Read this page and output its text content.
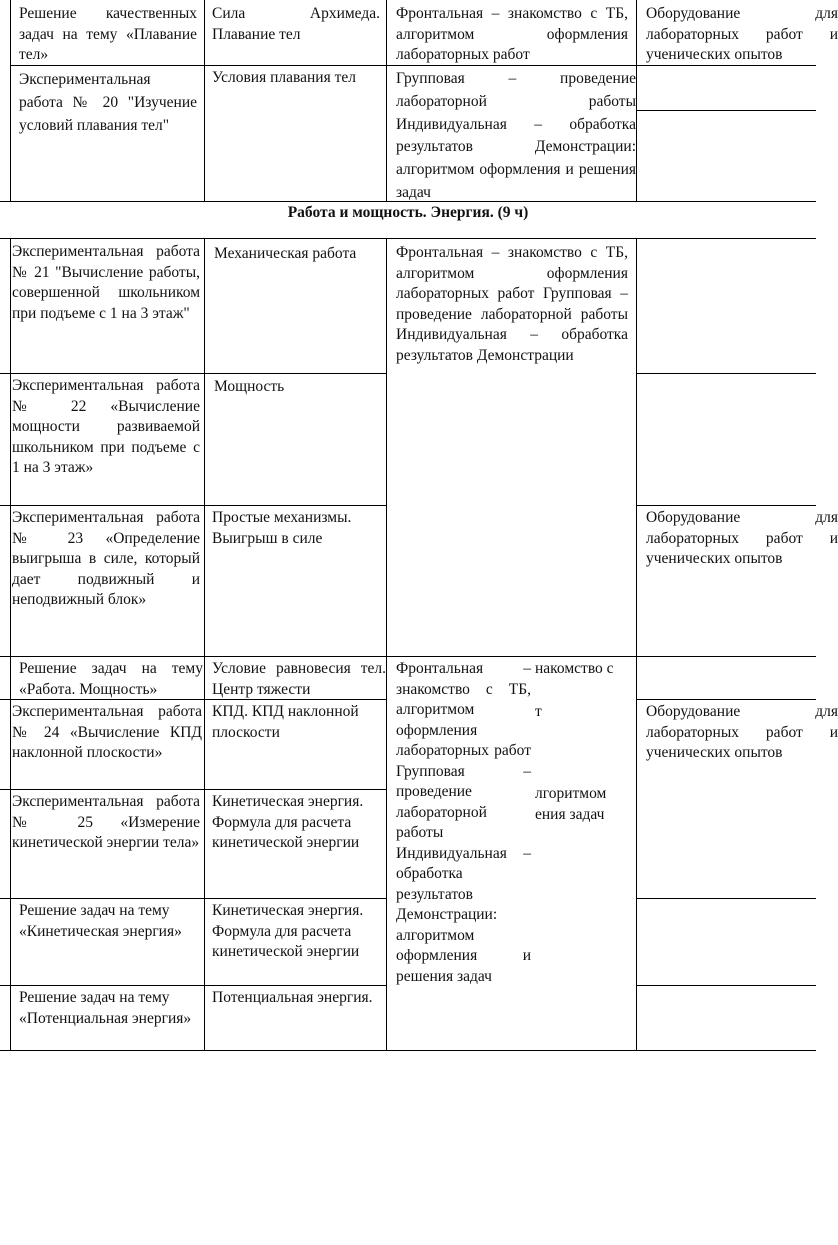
Решение качественных задач на тему «Плавание тел»
Сила Архимеда. Плавание тел
Фронтальная – знакомство с ТБ, алгоритмом оформления лабораторных работ
Оборудование для лабораторных работ и ученических опытов
Экспериментальная работа № 20 "Изучение условий плавания тел"
Условия плавания тел	Групповая – проведение лабораторной работы Индивидуальная – обработка результатов Демонстрации: алгоритмом оформления и решения задач
Работа и мощность. Энергия. (9 ч)
Экспериментальная работа № 21 "Вычисление работы, совершенной школьником при подъеме с 1 на 3 этаж"
Экспериментальная работа № 22 «Вычисление мощности развиваемой школьником при подъеме с 1 на 3 этаж»
Экспериментальная работа № 23 «Определение выигрыша в силе, который дает подвижный и неподвижный блок»
Решение задач на тему «Работа. Мощность»
Экспериментальная работа № 24 «Вычисление КПД наклонной плоскости»
Экспериментальная работа № 25 «Измерение кинетической энергии тела»
Решение задач на тему «Кинетическая энергия»
Решение задач на тему «Потенциальная энергия»
Механическая работа
Мощность
Простые механизмы. Выигрыш в силе
Условие равновесия тел. Центр тяжести
КПД. КПД наклонной плоскости
Кинетическая энергия. Формула для расчета кинетической энергии
Кинетическая энергия. Формула для расчета кинетической энергии
Потенциальная энергия.
Фронтальная – знакомство с ТБ, алгоритмом оформления лабораторных работ Групповая – проведение лабораторной работы Индивидуальная – обработка результатов Демонстрации
Фронтальная – знакомство с ТБ, алгоритмом оформления лабораторных работ Групповая – проведение лабораторной работы Индивидуальная – обработка результатов Демонстрации: алгоритмом оформления и решения задач
накомство с
т
лгоритмом
ения задач
Оборудование для лабораторных работ и ученических опытов
Оборудование для лабораторных работ и ученических опытов
